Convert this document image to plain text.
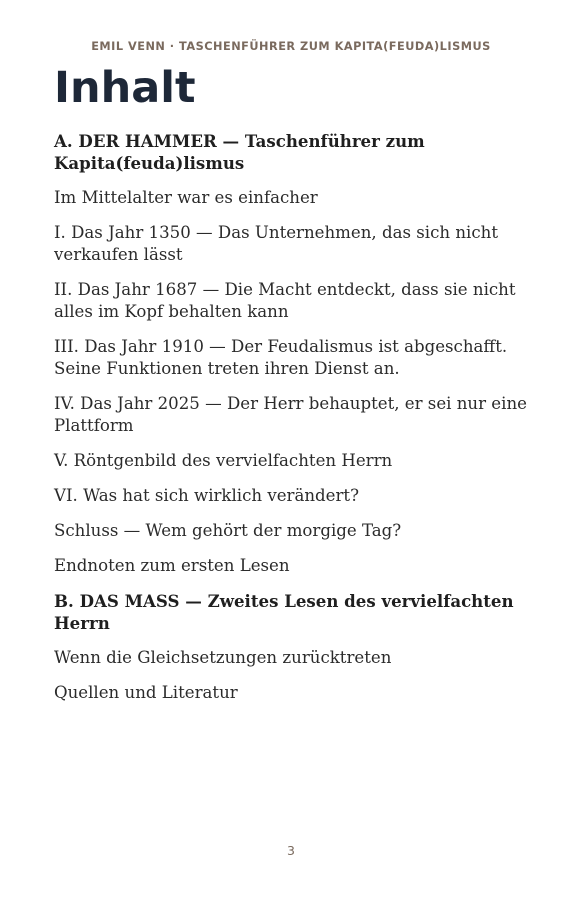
EMIL VENN · TASCHENFÜHRER ZUM KAPITA(FEUDA)LISMUS
Inhalt
A. DER HAMMER — Taschenführer zum Kapita(feuda)lismus
Im Mittelalter war es einfacher
I. Das Jahr 1350 — Das Unternehmen, das sich nicht verkaufen lässt
II. Das Jahr 1687 — Die Macht entdeckt, dass sie nicht alles im Kopf behalten kann
III. Das Jahr 1910 — Der Feudalismus ist abgeschafft. Seine Funktionen treten ihren Dienst an.
IV. Das Jahr 2025 — Der Herr behauptet, er sei nur eine Plattform
V. Röntgenbild des vervielfachten Herrn
VI. Was hat sich wirklich verändert?
Schluss — Wem gehört der morgige Tag?
Endnoten zum ersten Lesen
B. DAS MASS — Zweites Lesen des vervielfachten Herrn
Wenn die Gleichsetzungen zurücktreten
Quellen und Literatur
3
